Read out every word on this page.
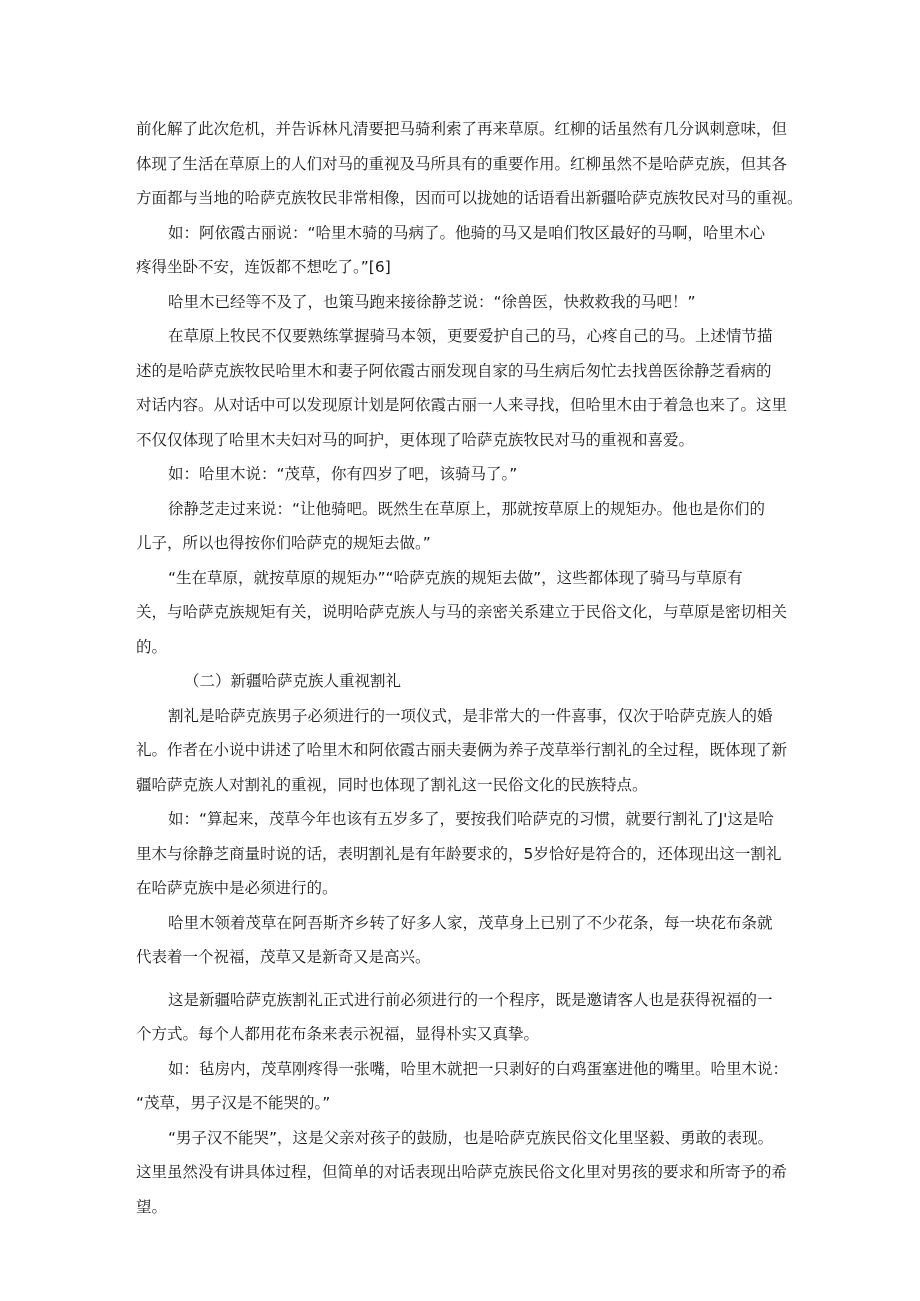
前化解了此次危机，并告诉林凡清要把马骑利索了再来草原。红柳的话虽然有几分讽刺意味，但
体现了生活在草原上的人们对马的重视及马所具有的重要作用。红柳虽然不是哈萨克族，但其各
方面都与当地的哈萨克族牧民非常相像，因而可以拢她的话语看出新疆哈萨克族牧民对马的重视。
如：阿依霞古丽说：“哈里木骑的马病了。他骑的马又是咱们牧区最好的马啊，哈里木心
疼得坐卧不安，连饭都不想吃了。”[6]
哈里木已经等不及了，也策马跑来接徐静芝说：“徐兽医，快救救我的马吧！”
在草原上牧民不仅要熟练掌握骑马本领，更要爱护自己的马，心疼自己的马。上述情节描
述的是哈萨克族牧民哈里木和妻子阿依霞古丽发现自家的马生病后匆忙去找兽医徐静芝看病的
对话内容。从对话中可以发现原计划是阿依霞古丽一人来寻找，但哈里木由于着急也来了。这里
不仅仅体现了哈里木夫妇对马的呵护，更体现了哈萨克族牧民对马的重视和喜爱。
如：哈里木说：“茂草，你有四岁了吧，该骑马了。”
徐静芝走过来说：“让他骑吧。既然生在草原上，那就按草原上的规矩办。他也是你们的
儿子，所以也得按你们哈萨克的规矩去做。”
“生在草原，就按草原的规矩办”“哈萨克族的规矩去做”，这些都体现了骑马与草原有
关，与哈萨克族规矩有关，说明哈萨克族人与马的亲密关系建立于民俗文化，与草原是密切相关
的。
（二）新疆哈萨克族人重视割礼
割礼是哈萨克族男子必须进行的一项仪式，是非常大的一件喜事，仅次于哈萨克族人的婚
礼。作者在小说中讲述了哈里木和阿依霞古丽夫妻俩为养子茂草举行割礼的全过程，既体现了新
疆哈萨克族人对割礼的重视，同时也体现了割礼这一民俗文化的民族特点。
如：“算起来，茂草今年也该有五岁多了，要按我们哈萨克的习惯，就要行割礼了J'这是哈
里木与徐静芝商量时说的话，表明割礼是有年龄要求的，5岁恰好是符合的，还体现出这一割礼
在哈萨克族中是必须进行的。
哈里木领着茂草在阿吾斯齐乡转了好多人家，茂草身上已别了不少花条，每一块花布条就
代表着一个祝福，茂草又是新奇又是高兴。
这是新疆哈萨克族割礼正式进行前必须进行的一个程序，既是邀请客人也是获得祝福的一
个方式。每个人都用花布条来表示祝福，显得朴实又真挚。
如：毡房内，茂草刚疼得一张嘴，哈里木就把一只剥好的白鸡蛋塞进他的嘴里。哈里木说：
“茂草，男子汉是不能哭的。”
“男子汉不能哭”，这是父亲对孩子的鼓励，也是哈萨克族民俗文化里坚毅、勇敢的表现。
这里虽然没有讲具体过程，但简单的对话表现出哈萨克族民俗文化里对男孩的要求和所寄予的希
望。
